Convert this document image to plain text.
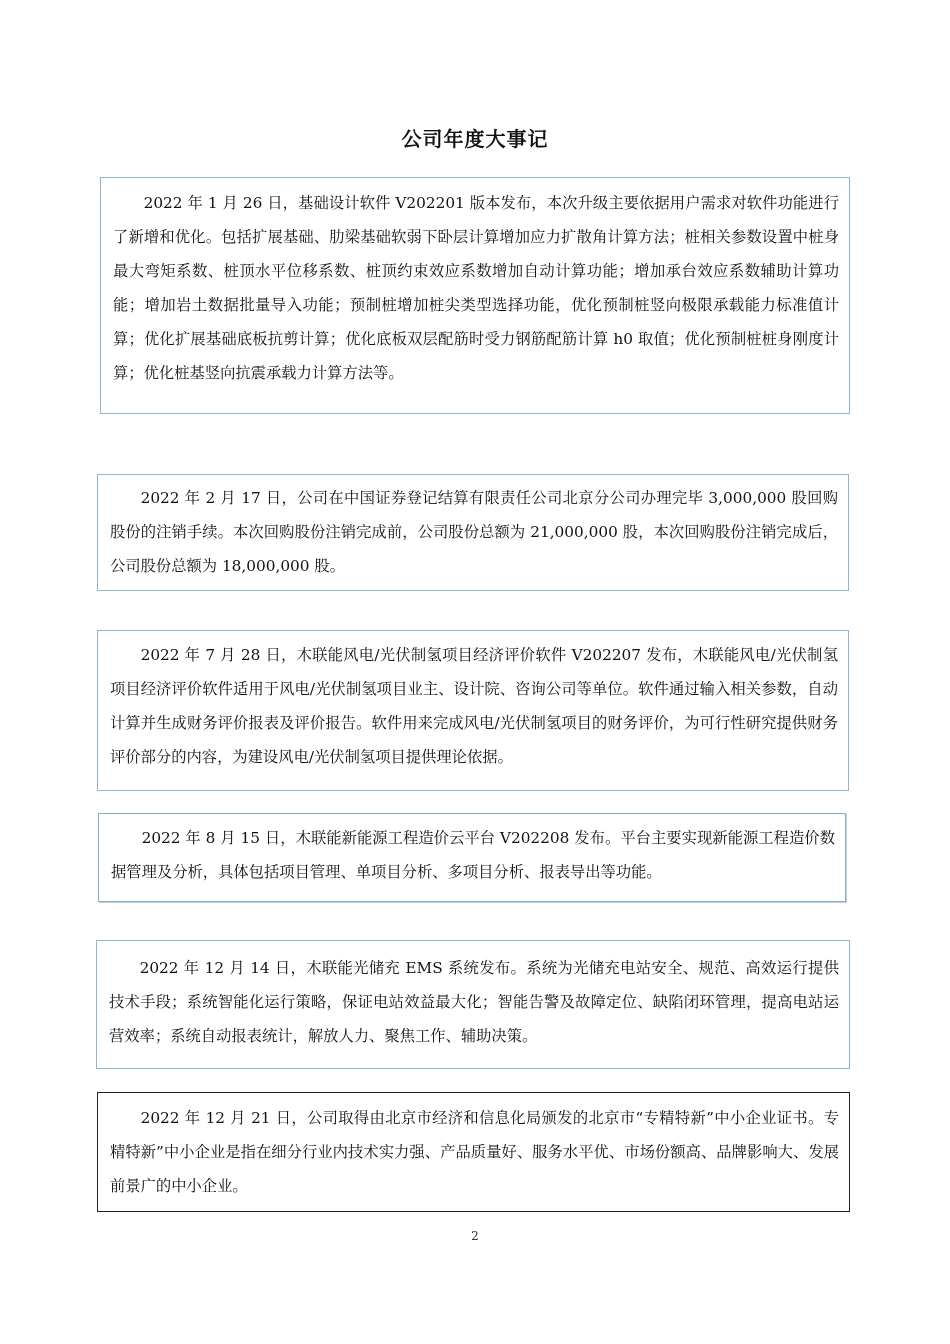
公司年度大事记

2022 年 1 月 26 日，基础设计软件 V202201 版本发布，本次升级主要依据用户需求对软件功能进行了新增和优化。包括扩展基础、肋梁基础软弱下卧层计算增加应力扩散角计算方法；桩相关参数设置中桩身最大弯矩系数、桩顶水平位移系数、桩顶约束效应系数增加自动计算功能；增加承台效应系数辅助计算功能；增加岩土数据批量导入功能；预制桩增加桩尖类型选择功能，优化预制桩竖向极限承载能力标准值计算；优化扩展基础底板抗剪计算；优化底板双层配筋时受力钢筋配筋计算 h0 取值；优化预制桩桩身刚度计算；优化桩基竖向抗震承载力计算方法等。

2022 年 2 月 17 日，公司在中国证券登记结算有限责任公司北京分公司办理完毕 3,000,000 股回购股份的注销手续。本次回购股份注销完成前，公司股份总额为 21,000,000 股，本次回购股份注销完成后，公司股份总额为 18,000,000 股。

2022 年 7 月 28 日，木联能风电/光伏制氢项目经济评价软件 V202207 发布，木联能风电/光伏制氢项目经济评价软件适用于风电/光伏制氢项目业主、设计院、咨询公司等单位。软件通过输入相关参数，自动计算并生成财务评价报表及评价报告。软件用来完成风电/光伏制氢项目的财务评价，为可行性研究提供财务评价部分的内容，为建设风电/光伏制氢项目提供理论依据。

2022 年 8 月 15 日，木联能新能源工程造价云平台 V202208 发布。平台主要实现新能源工程造价数据管理及分析，具体包括项目管理、单项目分析、多项目分析、报表导出等功能。

2022 年 12 月 14 日，木联能光储充 EMS 系统发布。系统为光储充电站安全、规范、高效运行提供技术手段；系统智能化运行策略，保证电站效益最大化；智能告警及故障定位、缺陷闭环管理，提高电站运营效率；系统自动报表统计，解放人力、聚焦工作、辅助决策。

2022 年 12 月 21 日，公司取得由北京市经济和信息化局颁发的北京市“专精特新”中小企业证书。专精特新”中小企业是指在细分行业内技术实力强、产品质量好、服务水平优、市场份额高、品牌影响大、发展前景广的中小企业。

2
